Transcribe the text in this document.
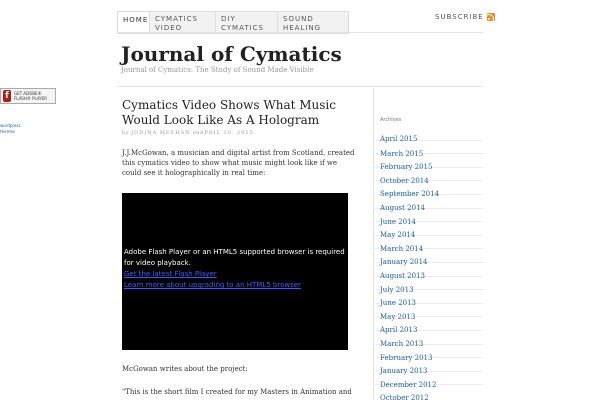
HOME CYMATICS VIDEO
DIY CYMATICS
SOUND HEALING
SUBSCRIBE
Journal of Cymatics
Journal of Cymatics: The Study of Sound Made Visible
f	GET ADOBE® FLASH® PLAYER
wordpress
themes
Cymatics Video Shows What Music Would Look Like As A Hologram
by JODINA MEEHAN onAPRIL 10, 2015

J.J.McGowan, a musician and digital artist from Scotland, created this cymatics video to show what music might look like if we could see it holographically in real time:

Adobe Flash Player or an HTML5 supported browser is required for video playback.
Get the latest Flash Player
Learn more about upgrading to an HTML5 browser

McGowan writes about the project:

"This is the short film I created for my Masters in Animation and

Archives
April 2015
March 2015
February 2015
October 2014
September 2014
August 2014
June 2014
May 2014
March 2014
January 2014
August 2013
July 2013
June 2013
May 2013
April 2013
March 2013
February 2013
January 2013
December 2012
October 2012
